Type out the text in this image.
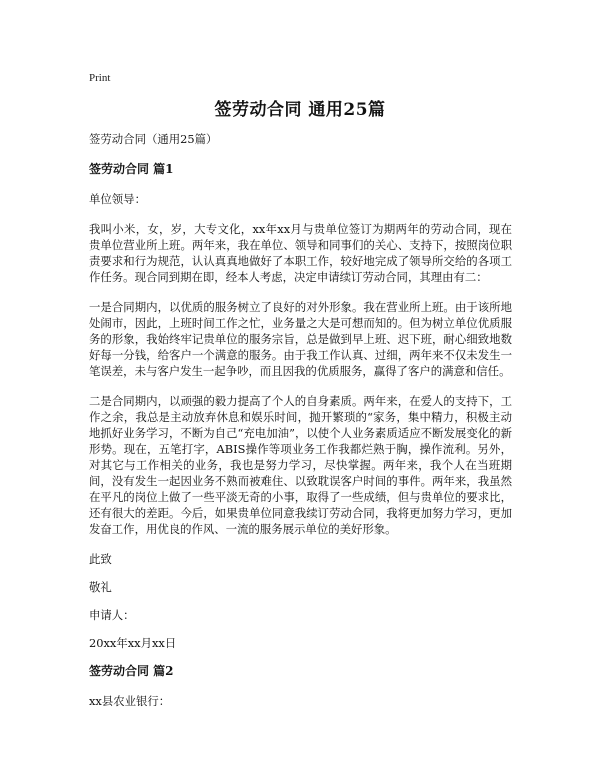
Print
签劳动合同 通用25篇

签劳动合同（通用25篇）

签劳动合同 篇1

单位领导：

我叫小米，女，岁，大专文化，xx年xx月与贵单位签订为期两年的劳动合同，现在贵单位营业所上班。两年来，我在单位、领导和同事们的关心、支持下，按照岗位职责要求和行为规范，认认真真地做好了本职工作，较好地完成了领导所交给的各项工作任务。现合同到期在即，经本人考虑，决定申请续订劳动合同，其理由有二：

一是合同期内，以优质的服务树立了良好的对外形象。我在营业所上班。由于该所地处闹市，因此，上班时间工作之忙，业务量之大是可想而知的。但为树立单位优质服务的形象，我始终牢记贵单位的服务宗旨，总是做到早上班、迟下班，耐心细致地数好每一分钱，给客户一个满意的服务。由于我工作认真、过细，两年来不仅未发生一笔误差，未与客户发生一起争吵，而且因我的优质服务，赢得了客户的满意和信任。

二是合同期内，以顽强的毅力提高了个人的自身素质。两年来，在爱人的支持下，工作之余，我总是主动放弃休息和娱乐时间，抛开繁琐的“家务，集中精力，积极主动地抓好业务学习，不断为自己“充电加油”，以使个人业务素质适应不断发展变化的新形势。现在，五笔打字，ABIS操作等项业务工作我都烂熟于胸，操作流利。另外，对其它与工作相关的业务，我也是努力学习，尽快掌握。两年来，我个人在当班期间，没有发生一起因业务不熟而被难住、以致耽误客户时间的事件。两年来，我虽然在平凡的岗位上做了一些平淡无奇的小事，取得了一些成绩，但与贵单位的要求比，还有很大的差距。今后，如果贵单位同意我续订劳动合同，我将更加努力学习，更加发奋工作，用优良的作风、一流的服务展示单位的美好形象。

此致

敬礼

申请人：

20xx年xx月xx日

签劳动合同 篇2

xx县农业银行：
